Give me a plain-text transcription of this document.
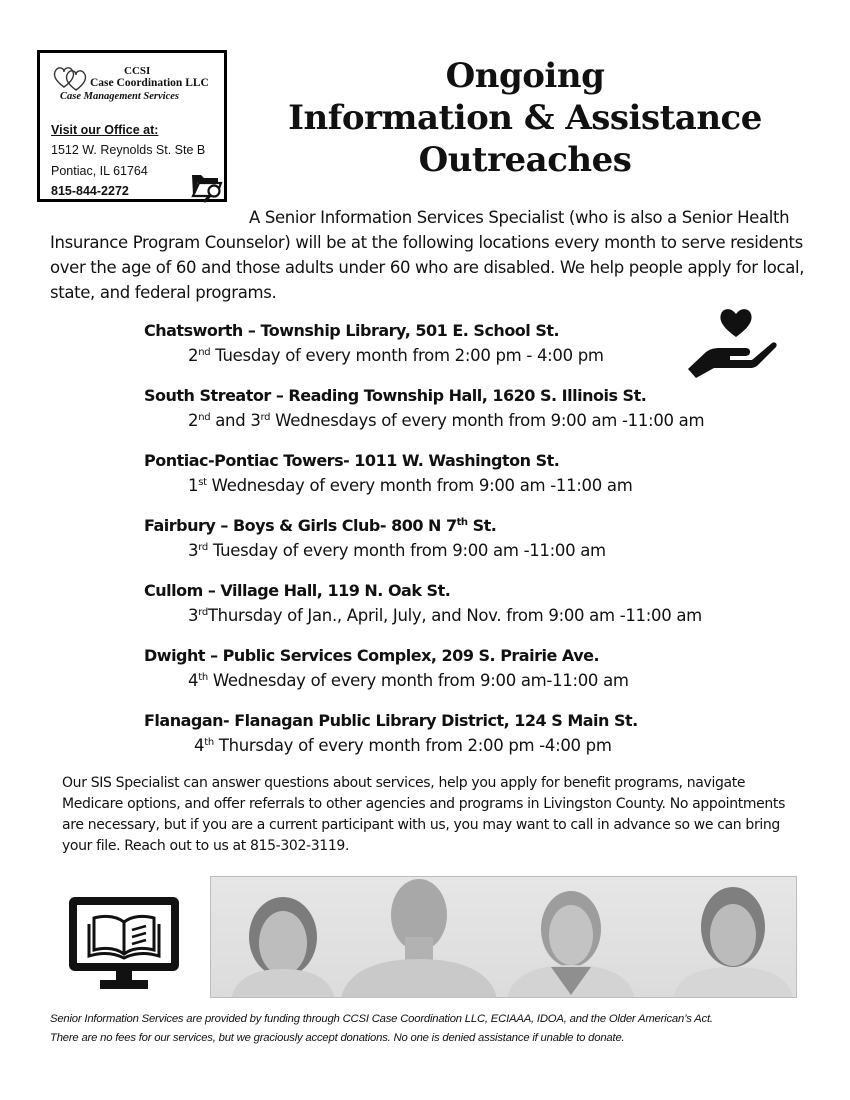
CCSI
Case Coordination LLC
Case Management Services
Visit our Office at:
1512 W. Reynolds St. Ste B
Pontiac, IL 61764
815-844-2272
Ongoing
Information & Assistance
Outreaches
A Senior Information Services Specialist (who is also a Senior Health Insurance Program Counselor) will be at the following locations every month to serve residents over the age of 60 and those adults under 60 who are disabled. We help people apply for local, state, and federal programs.
Chatsworth – Township Library, 501 E. School St.
2nd Tuesday of every month from 2:00 pm - 4:00 pm
South Streator – Reading Township Hall, 1620 S. Illinois St.
2nd and 3rd Wednesdays of every month from 9:00 am -11:00 am
Pontiac-Pontiac Towers- 1011 W. Washington St.
1st Wednesday of every month from 9:00 am -11:00 am
Fairbury – Boys & Girls Club- 800 N 7th St.
3rd Tuesday of every month from 9:00 am -11:00 am
Cullom – Village Hall, 119 N. Oak St.
3rdThursday of Jan., April, July, and Nov. from 9:00 am -11:00 am
Dwight – Public Services Complex, 209 S. Prairie Ave.
4th Wednesday of every month from 9:00 am-11:00 am
Flanagan- Flanagan Public Library District, 124 S Main St.
4th Thursday of every month from 2:00 pm -4:00 pm
Our SIS Specialist can answer questions about services, help you apply for benefit programs, navigate Medicare options, and offer referrals to other agencies and programs in Livingston County. No appointments are necessary, but if you are a current participant with us, you may want to call in advance so we can bring your file. Reach out to us at 815-302-3119.
Senior Information Services are provided by funding through CCSI Case Coordination LLC, ECIAAA, IDOA, and the Older American’s Act.
There are no fees for our services, but we graciously accept donations. No one is denied assistance if unable to donate.
